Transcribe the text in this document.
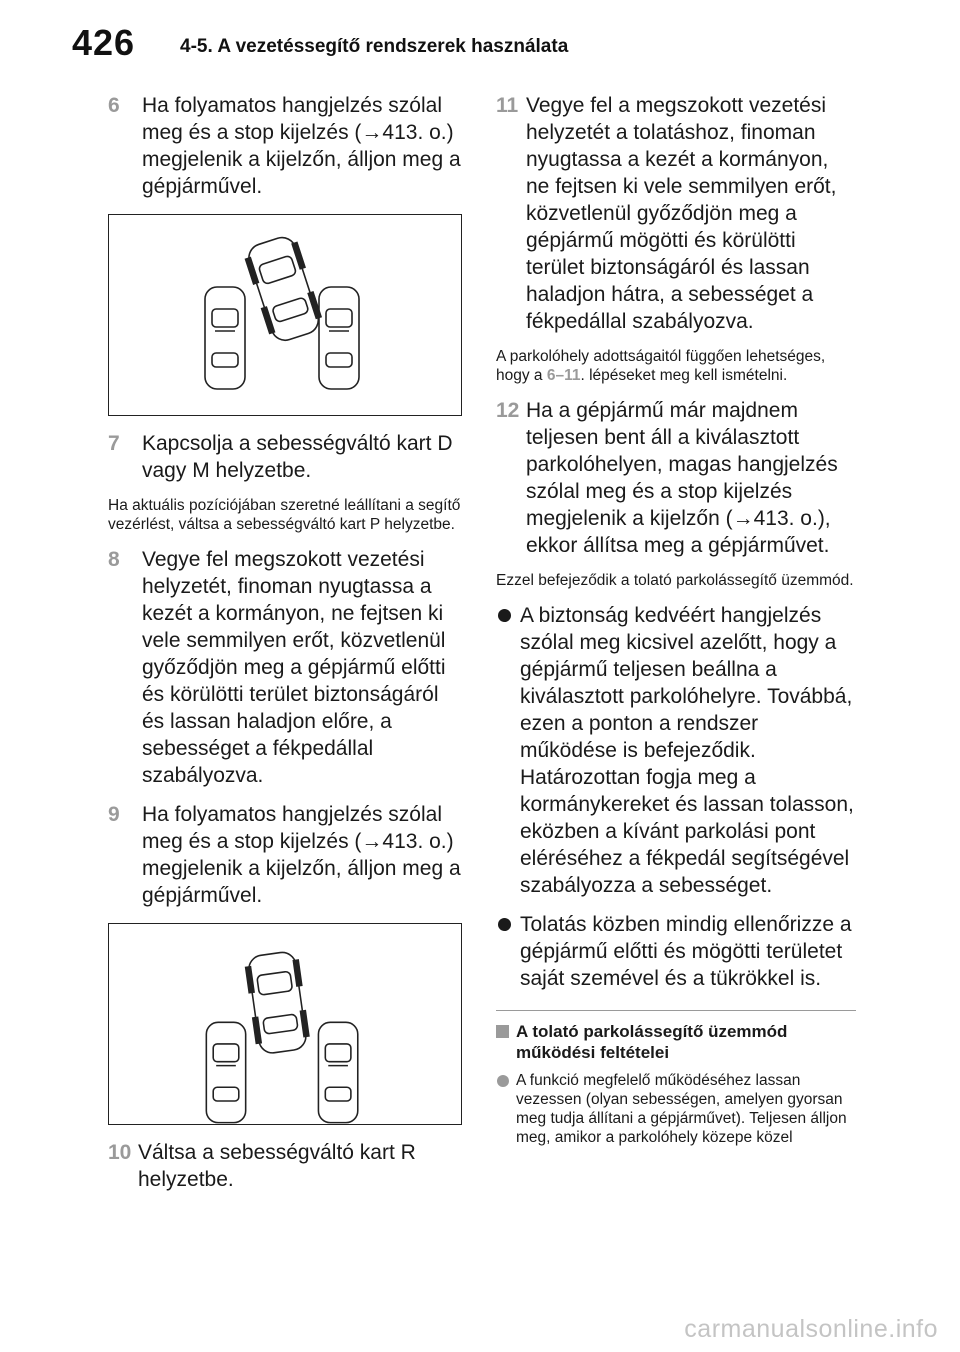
426 4-5. A vezetéssegítő rendszerek használata
6 Ha folyamatos hangjelzés szólal meg és a stop kijelzés (→413. o.) megjelenik a kijelzőn, álljon meg a gépjárművel.
7 Kapcsolja a sebességváltó kart D vagy M helyzetbe.
Ha aktuális pozíciójában szeretné leállítani a segítő vezérlést, váltsa a sebességváltó kart P helyzetbe.
8 Vegye fel megszokott vezetési helyzetét, finoman nyugtassa a kezét a kormányon, ne fejtsen ki vele semmilyen erőt, közvetlenül győződjön meg a gépjármű előtti és körülötti terület biztonságáról és lassan haladjon előre, a sebességet a fékpedállal szabályozva.
9 Ha folyamatos hangjelzés szólal meg és a stop kijelzés (→413. o.) megjelenik a kijelzőn, álljon meg a gépjárművel.
10 Váltsa a sebességváltó kart R helyzetbe.
11 Vegye fel a megszokott vezetési helyzetét a tolatáshoz, finoman nyugtassa a kezét a kormányon, ne fejtsen ki vele semmilyen erőt, közvetlenül győződjön meg a gépjármű mögötti és körülötti terület biztonságáról és lassan haladjon hátra, a sebességet a fékpedállal szabályozva.
A parkolóhely adottságaitól függően lehetséges, hogy a 6–11. lépéseket meg kell ismételni.
12 Ha a gépjármű már majdnem teljesen bent áll a kiválasztott parkolóhelyen, magas hangjelzés szólal meg és a stop kijelzés megjelenik a kijelzőn (→413. o.), ekkor állítsa meg a gépjárművet.
Ezzel befejeződik a tolató parkolássegítő üzemmód.
A biztonság kedvéért hangjelzés szólal meg kicsivel azelőtt, hogy a gépjármű teljesen beállna a kiválasztott parkolóhelyre. Továbbá, ezen a ponton a rendszer működése is befejeződik. Határozottan fogja meg a kormánykereket és lassan tolasson, eközben a kívánt parkolási pont eléréséhez a fékpedál segítségével szabályozza a sebességet.
Tolatás közben mindig ellenőrizze a gépjármű előtti és mögötti területet saját szemével és a tükrökkel is.
A tolató parkolássegítő üzemmód működési feltételei
A funkció megfelelő működéséhez lassan vezessen (olyan sebességen, amelyen gyorsan meg tudja állítani a gépjárművet). Teljesen álljon meg, amikor a parkolóhely közepe közel
carmanualsonline.info
